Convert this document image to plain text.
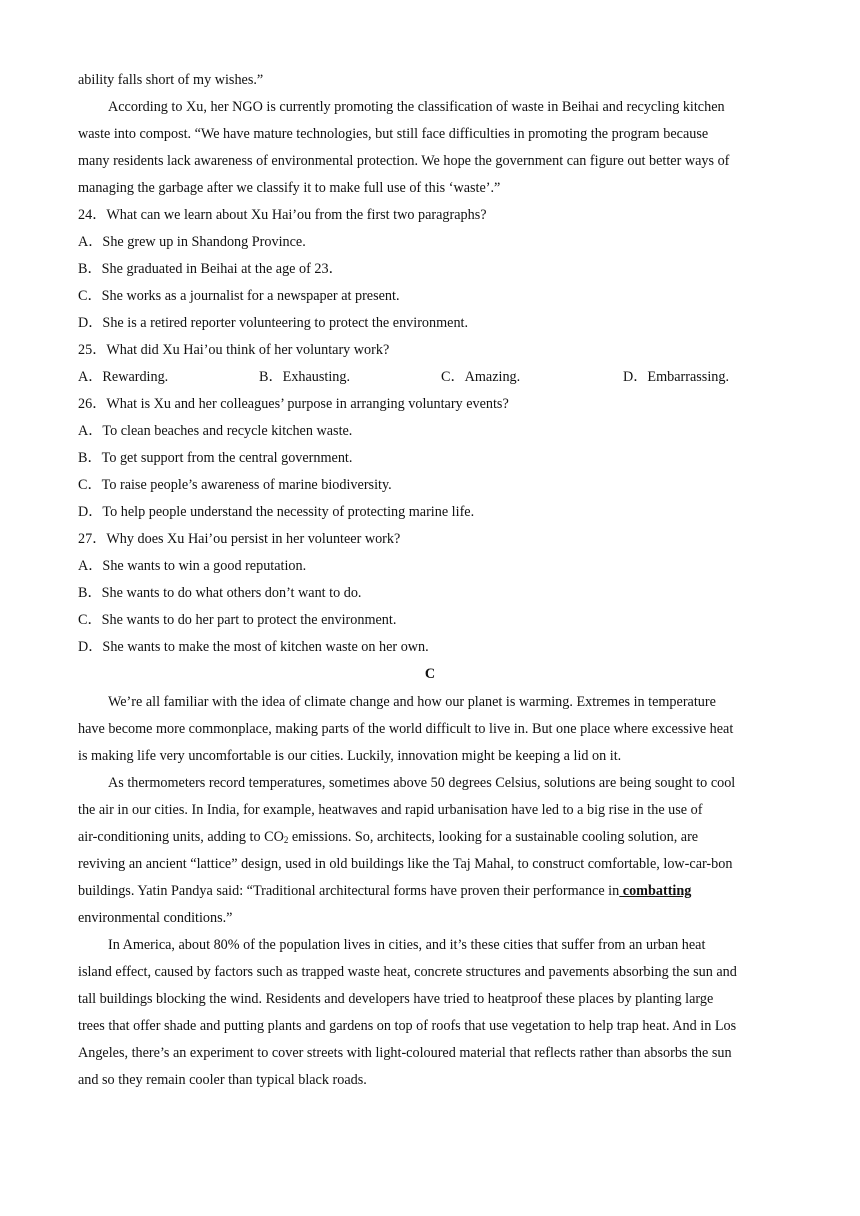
ability falls short of my wishes.”
According to Xu, her NGO is currently promoting the classification of waste in Beihai and recycling kitchen
waste into compost. “We have mature technologies, but still face difficulties in promoting the program because
many residents lack awareness of environmental protection. We hope the government can figure out better ways of
managing the garbage after we classify it to make full use of this ‘waste’.”
24．What can we learn about Xu Hai’ou from the first two paragraphs?
A．She grew up in Shandong Province.
B．She graduated in Beihai at the age of 23．
C．She works as a journalist for a newspaper at present.
D．She is a retired reporter volunteering to protect the environment.
25．What did Xu Hai’ou think of her voluntary work?
A．Rewarding.	B．Exhausting.	C．Amazing.	D．Embarrassing.
26．What is Xu and her colleagues’ purpose in arranging voluntary events?
A．To clean beaches and recycle kitchen waste.
B．To get support from the central government.
C．To raise people’s awareness of marine biodiversity.
D．To help people understand the necessity of protecting marine life.
27．Why does Xu Hai’ou persist in her volunteer work?
A．She wants to win a good reputation.
B．She wants to do what others don’t want to do.
C．She wants to do her part to protect the environment.
D．She wants to make the most of kitchen waste on her own.
C
We’re all familiar with the idea of climate change and how our planet is warming. Extremes in temperature
have become more commonplace, making parts of the world difficult to live in. But one place where excessive heat
is making life very uncomfortable is our cities. Luckily, innovation might be keeping a lid on it.
As thermometers record temperatures, sometimes above 50 degrees Celsius, solutions are being sought to cool
the air in our cities. In India, for example, heatwaves and rapid urbanisation have led to a big rise in the use of
air-conditioning units, adding to $CO_2$ emissions. So, architects, looking for a sustainable cooling solution, are
reviving an ancient “lattice” design, used in old buildings like the Taj Mahal, to construct comfortable, low-car-bon
buildings. Yatin Pandya said: “Traditional architectural forms have proven their performance in combatting
environmental conditions.”
In America, about 80% of the population lives in cities, and it’s these cities that suffer from an urban heat
island effect, caused by factors such as trapped waste heat, concrete structures and pavements absorbing the sun and
tall buildings blocking the wind. Residents and developers have tried to heatproof these places by planting large
trees that offer shade and putting plants and gardens on top of roofs that use vegetation to help trap heat. And in Los
Angeles, there’s an experiment to cover streets with light-coloured material that reflects rather than absorbs the sun
and so they remain cooler than typical black roads.
